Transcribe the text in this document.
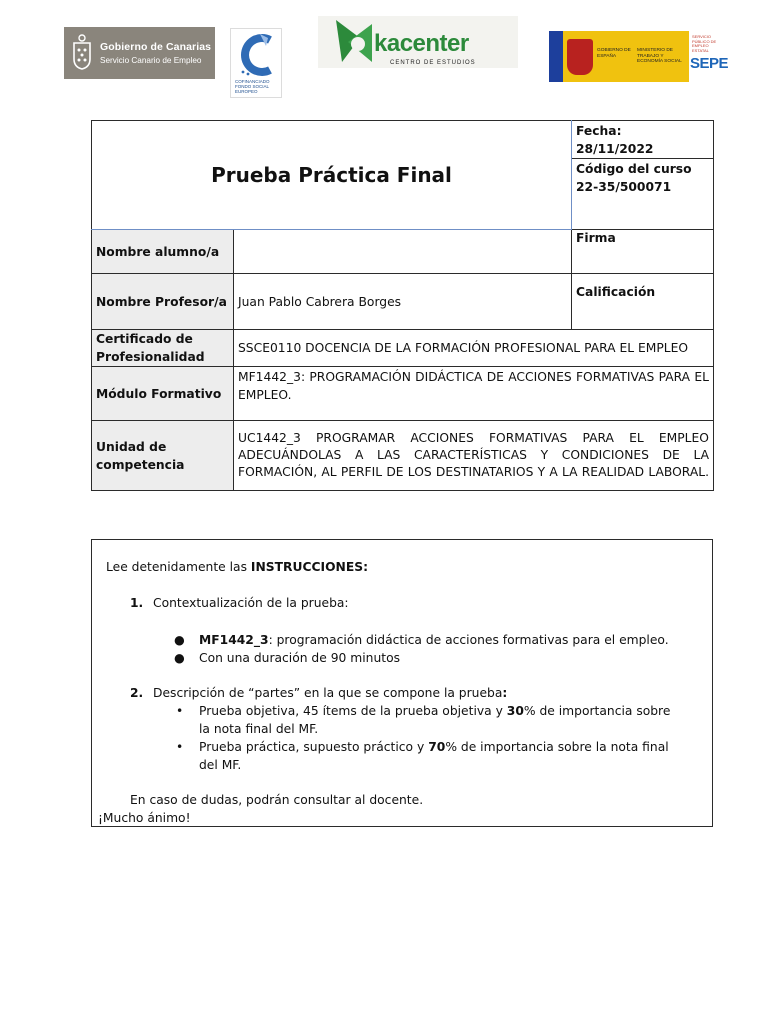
Gobierno de Canarias
Servicio Canario de Empleo
COFINANCIADO FONDO SOCIAL EUROPEO
kacenter
CENTRO DE ESTUDIOS
GOBIERNO DE ESPAÑA
MINISTERIO DE TRABAJO Y ECONOMÍA SOCIAL
SERVICIO PÚBLICO DE EMPLEO ESTATAL
SEPE
Prueba Práctica Final		Fecha:
28/11/2022

		Código del curso
22-35/500071

Nombre alumno/a		Firma
Nombre Profesor/a	Juan Pablo Cabrera Borges	Calificación
Certificado de Profesionalidad	SSCE0110 DOCENCIA DE LA FORMACIÓN PROFESIONAL PARA EL EMPLEO	
Módulo Formativo	MF1442_3: PROGRAMACIÓN DIDÁCTICA DE ACCIONES FORMATIVAS PARA EL EMPLEO.	
Unidad de competencia	UC1442_3 PROGRAMAR ACCIONES FORMATIVAS PARA EL EMPLEO ADECUÁNDOLAS A LAS CARACTERÍSTICAS Y CONDICIONES DE LA FORMACIÓN, AL PERFIL DE LOS DESTINATARIOS Y A LA REALIDAD LABORAL.	
Lee detenidamente las INSTRUCCIONES:
1. Contextualización de la prueba:
● MF1442_3: programación didáctica de acciones formativas para el empleo.
● Con una duración de 90 minutos
2. Descripción de “partes” en la que se compone la prueba:
• Prueba objetiva, 45 ítems de la prueba objetiva y 30% de importancia sobre
la nota final del MF.
• Prueba práctica, supuesto práctico y 70% de importancia sobre la nota final
del MF.
En caso de dudas, podrán consultar al docente.
¡Mucho ánimo!
